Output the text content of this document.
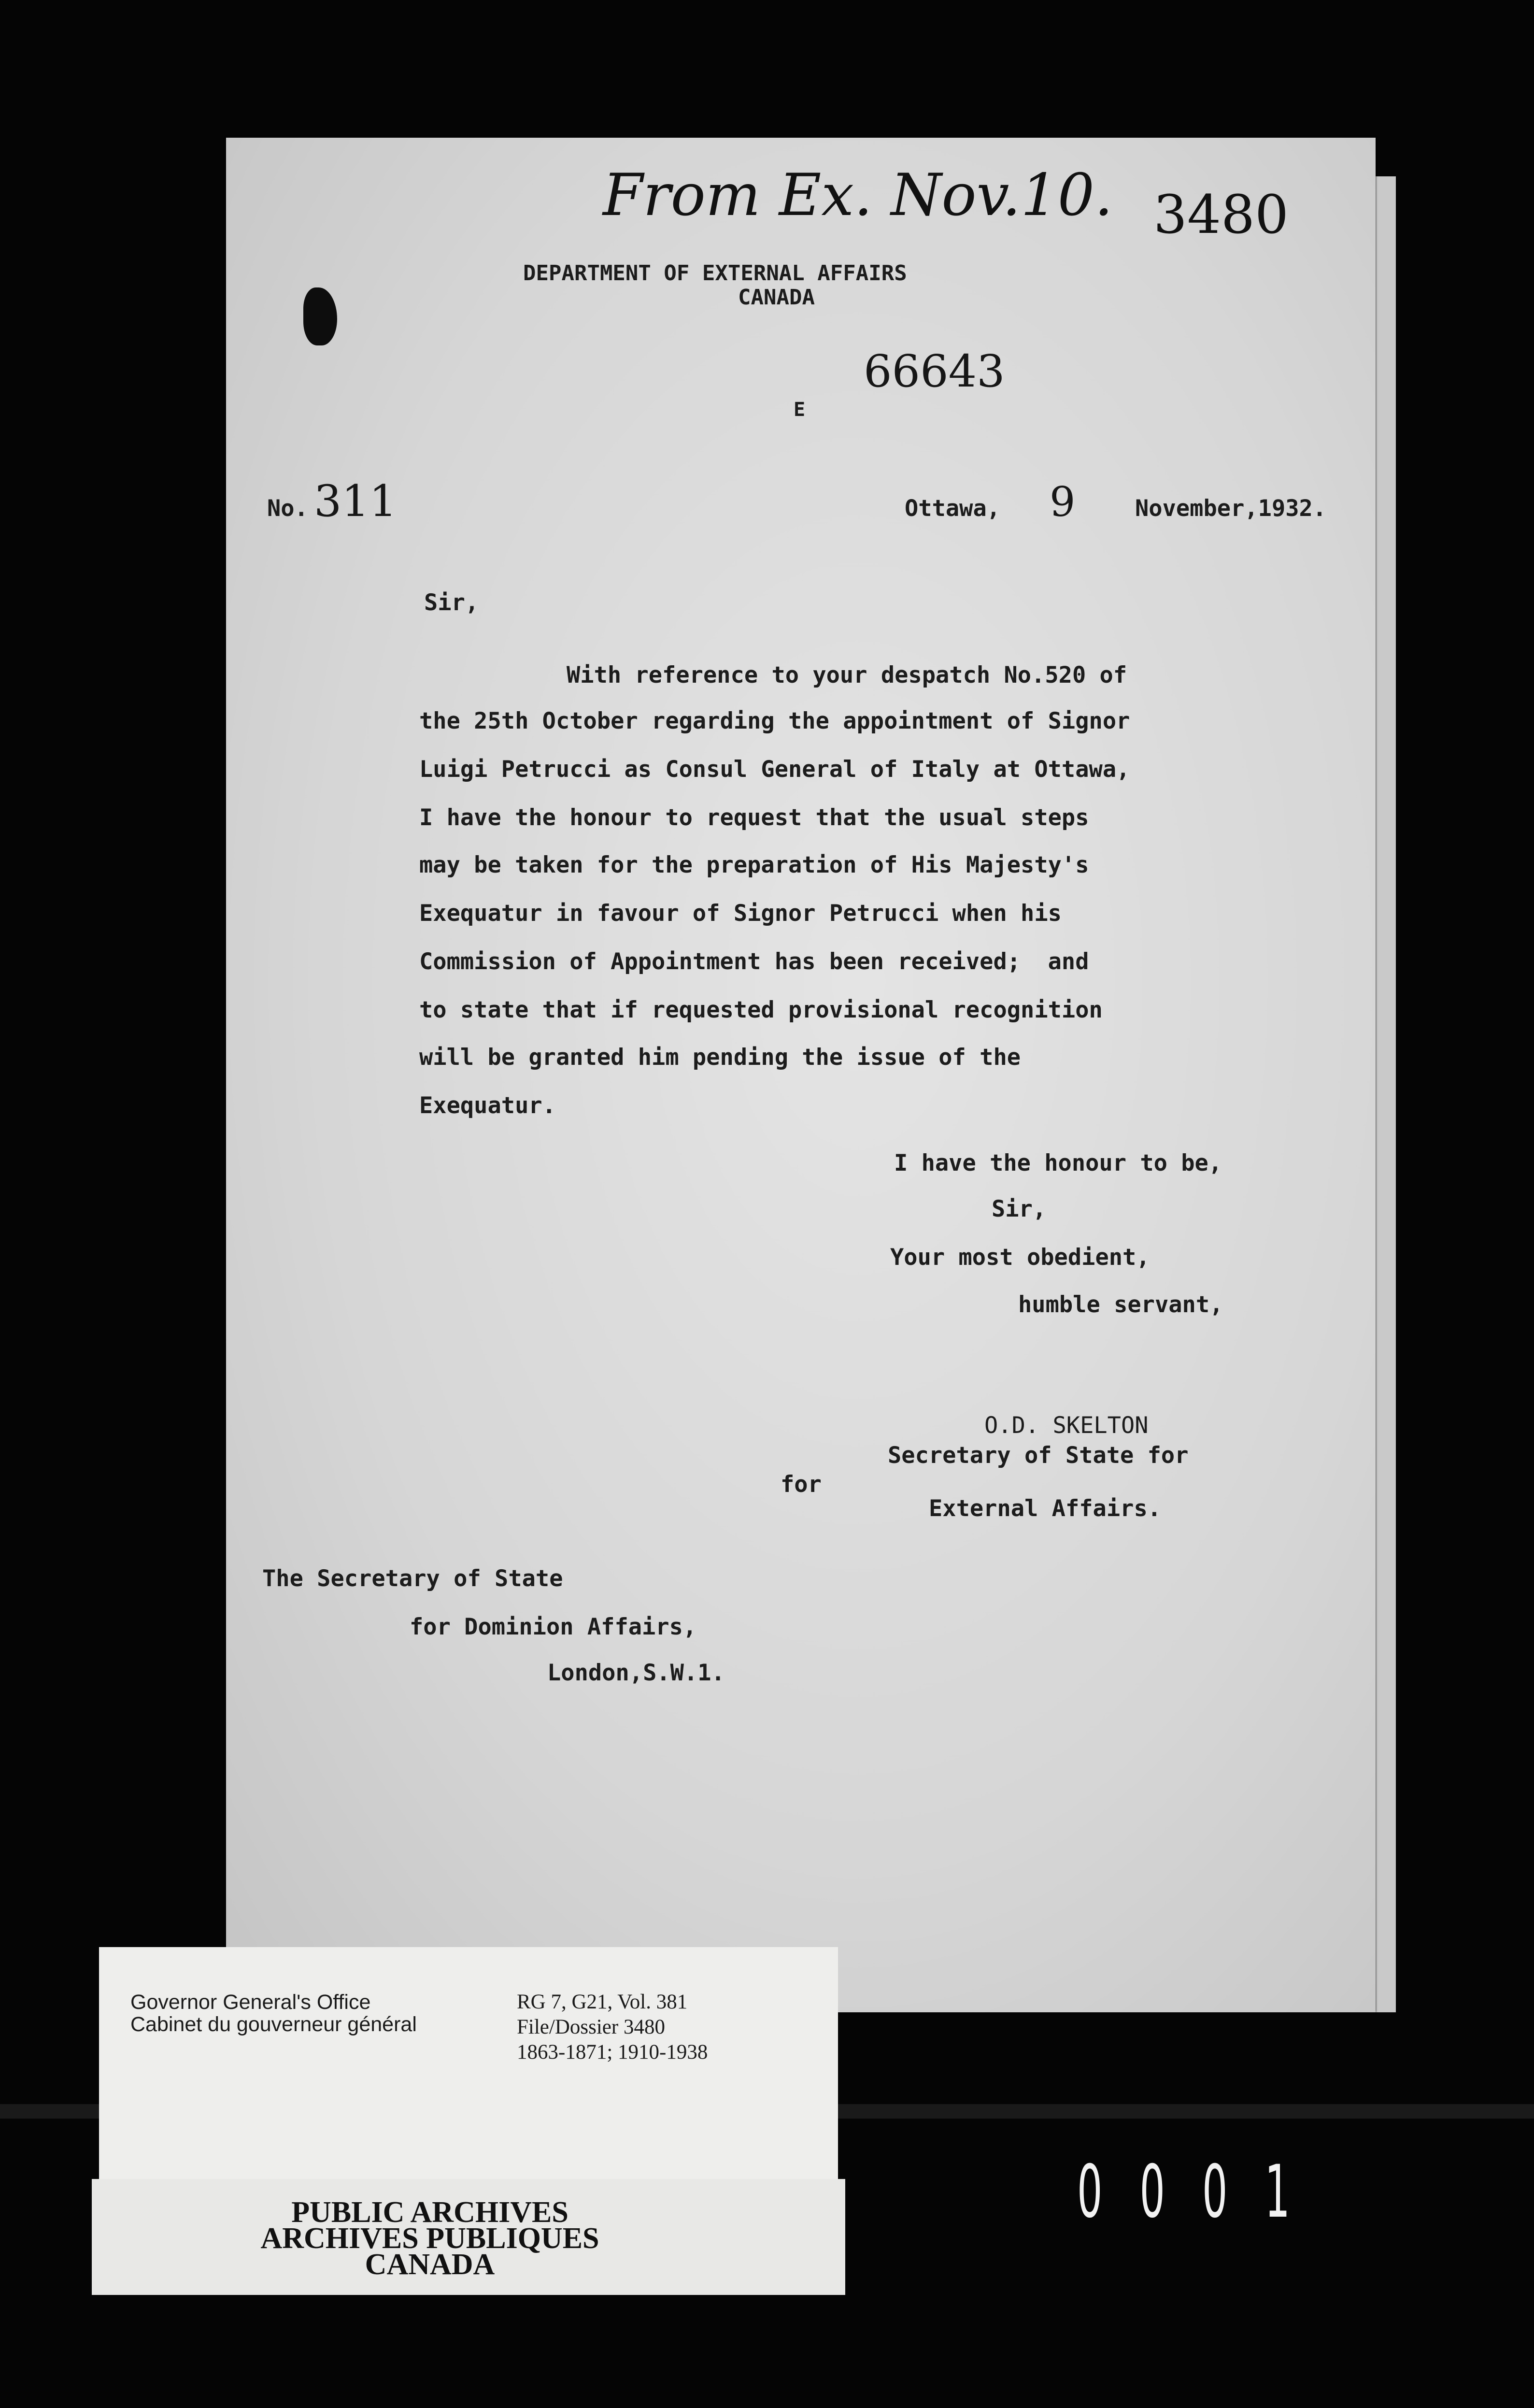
From Ex. Nov.10. 3480
DEPARTMENT OF EXTERNAL AFFAIRS
CANADA
66643
E
No. 311	Ottawa, 9	November,1932.
Sir,
With reference to your despatch No.520 of
the 25th October regarding the appointment of Signor
Luigi Petrucci as Consul General of Italy at Ottawa,
I have the honour to request that the usual steps
may be taken for the preparation of His Majesty's
Exequatur in favour of Signor Petrucci when his
Commission of Appointment has been received;  and
to state that if requested provisional recognition
will be granted him pending the issue of the
Exequatur.
I have the honour to be,
Sir,
Your most obedient,
humble servant,
O.D. SKELTON
Secretary of State for
for
External Affairs.
The Secretary of State
for Dominion Affairs,
London,S.W.1.
Governor General's Office
Cabinet du gouverneur général
RG 7, G21, Vol. 381
File/Dossier 3480
1863-1871; 1910-1938
PUBLIC ARCHIVES
ARCHIVES PUBLIQUES
CANADA
0001
